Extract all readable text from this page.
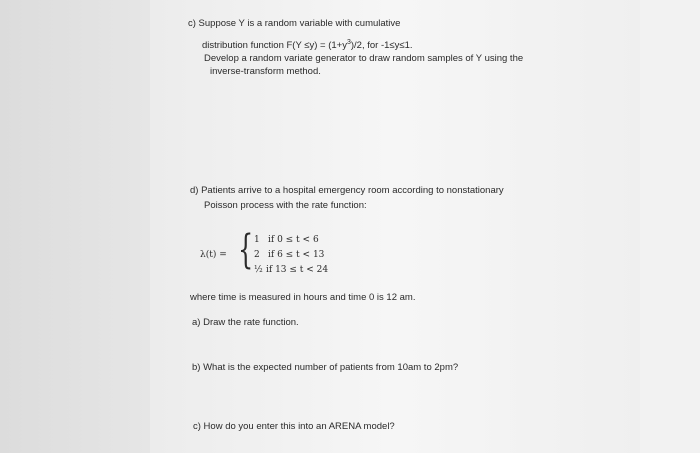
c) Suppose Y is a random variable with cumulative
distribution function $F(Y \le y) = (1+y^3)/2$, for -1≤y≤1.
Develop a random variate generator to draw random samples of Y using the
inverse-transform method.
d) Patients arrive to a hospital emergency room according to nonstationary
Poisson process with the rate function:
λ(t) = { 1 if 0 ≤ t < 6
2 if 6 ≤ t < 13
½ if 13 ≤ t < 24
where time is measured in hours and time 0 is 12 am.
a) Draw the rate function.
b) What is the expected number of patients from 10am to 2pm?
c) How do you enter this into an ARENA model?
